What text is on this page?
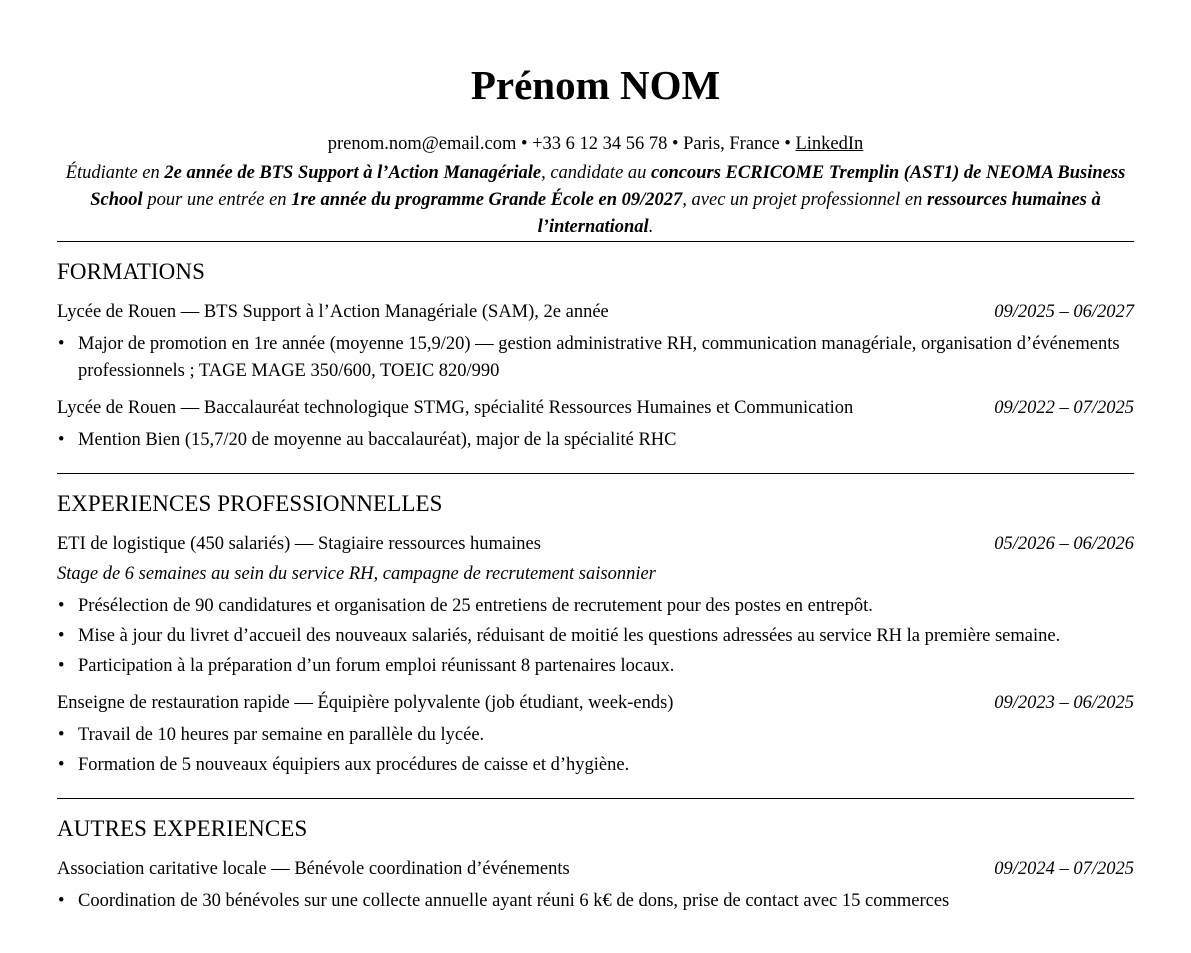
Prénom NOM
prenom.nom@email.com • +33 6 12 34 56 78 • Paris, France • LinkedIn
Étudiante en 2e année de BTS Support à l’Action Managériale, candidate au concours ECRICOME Tremplin (AST1) de NEOMA Business School pour une entrée en 1re année du programme Grande École en 09/2027, avec un projet professionnel en ressources humaines à l’international.
FORMATIONS
Lycée de Rouen — BTS Support à l’Action Managériale (SAM), 2e année	09/2025 – 06/2027
• Major de promotion en 1re année (moyenne 15,9/20) — gestion administrative RH, communication managériale, organisation d’événements professionnels ; TAGE MAGE 350/600, TOEIC 820/990
Lycée de Rouen — Baccalauréat technologique STMG, spécialité Ressources Humaines et Communication	09/2022 – 07/2025
• Mention Bien (15,7/20 de moyenne au baccalauréat), major de la spécialité RHC
EXPERIENCES PROFESSIONNELLES
ETI de logistique (450 salariés) — Stagiaire ressources humaines	05/2026 – 06/2026
Stage de 6 semaines au sein du service RH, campagne de recrutement saisonnier
• Présélection de 90 candidatures et organisation de 25 entretiens de recrutement pour des postes en entrepôt.
• Mise à jour du livret d’accueil des nouveaux salariés, réduisant de moitié les questions adressées au service RH la première semaine.
• Participation à la préparation d’un forum emploi réunissant 8 partenaires locaux.
Enseigne de restauration rapide — Équipière polyvalente (job étudiant, week-ends)	09/2023 – 06/2025
• Travail de 10 heures par semaine en parallèle du lycée.
• Formation de 5 nouveaux équipiers aux procédures de caisse et d’hygiène.
AUTRES EXPERIENCES
Association caritative locale — Bénévole coordination d’événements	09/2024 – 07/2025
• Coordination de 30 bénévoles sur une collecte annuelle ayant réuni 6 k€ de dons, prise de contact avec 15 commerces
